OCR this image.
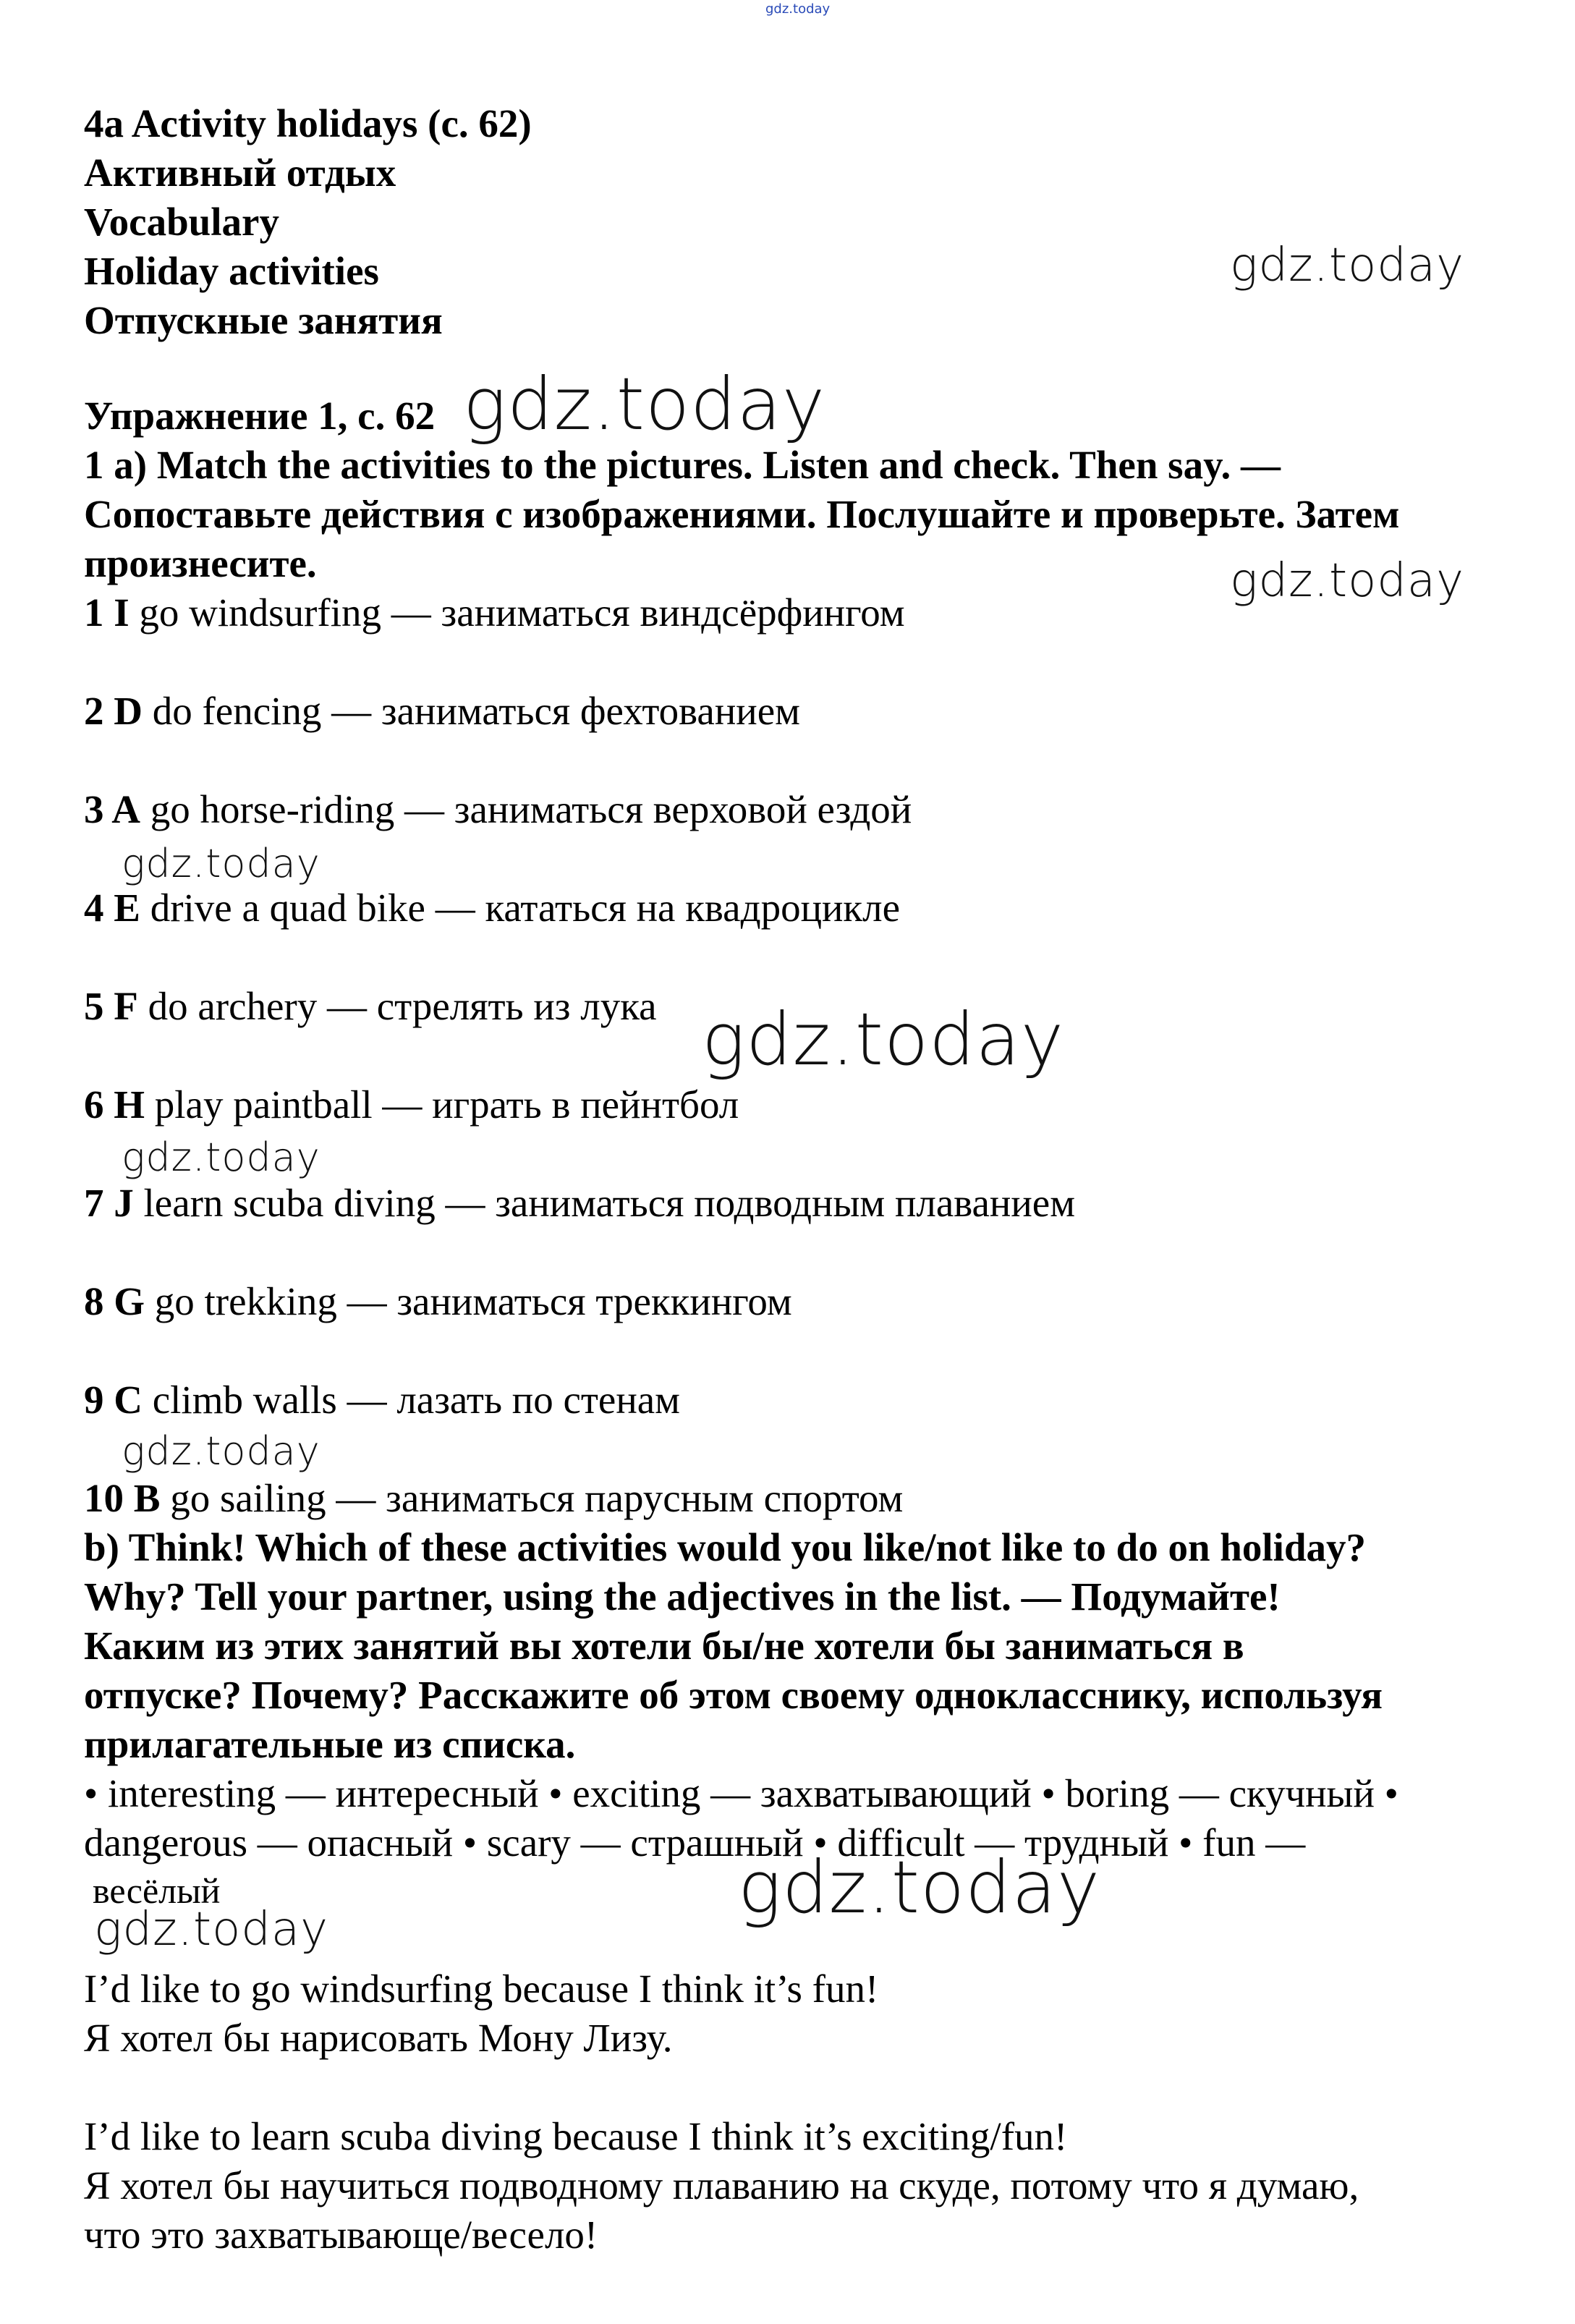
gdz.today
4a Activity holidays (с. 62)
Активный отдых
Vocabulary
Holiday activities
Отпускные занятия
Упражнение 1, с. 62
1 a) Match the activities to the pictures. Listen and check. Then say. —
Сопоставьте действия с изображениями. Послушайте и проверьте. Затем
произнесите.
1 I go windsurfing — заниматься виндсёрфингом
2 D do fencing — заниматься фехтованием
3 A go horse-riding — заниматься верховой ездой
4 E drive a quad bike — кататься на квадроцикле
5 F do archery — стрелять из лука
6 H play paintball — играть в пейнтбол
7 J learn scuba diving — заниматься подводным плаванием
8 G go trekking — заниматься треккингом
9 C climb walls — лазать по стенам
10 B go sailing — заниматься парусным спортом
b) Think! Which of these activities would you like/not like to do on holiday?
Why? Tell your partner, using the adjectives in the list. — Подумайте!
Каким из этих занятий вы хотели бы/не хотели бы заниматься в
отпуске? Почему? Расскажите об этом своему однокласснику, используя
прилагательные из списка.
• interesting — интересный • exciting — захватывающий • boring — скучный •
dangerous — опасный • scary — страшный • difficult — трудный • fun —
весёлый
I’d like to go windsurfing because I think it’s fun!
Я хотел бы нарисовать Мону Лизу.
I’d like to learn scuba diving because I think it’s exciting/fun!
Я хотел бы научиться подводному плаванию на скуде, потому что я думаю,
что это захватывающе/весело!
gdz.today
gdz.today
gdz.today
gdz.today
gdz.today
gdz.today
gdz.today
gdz.today
gdz.today
